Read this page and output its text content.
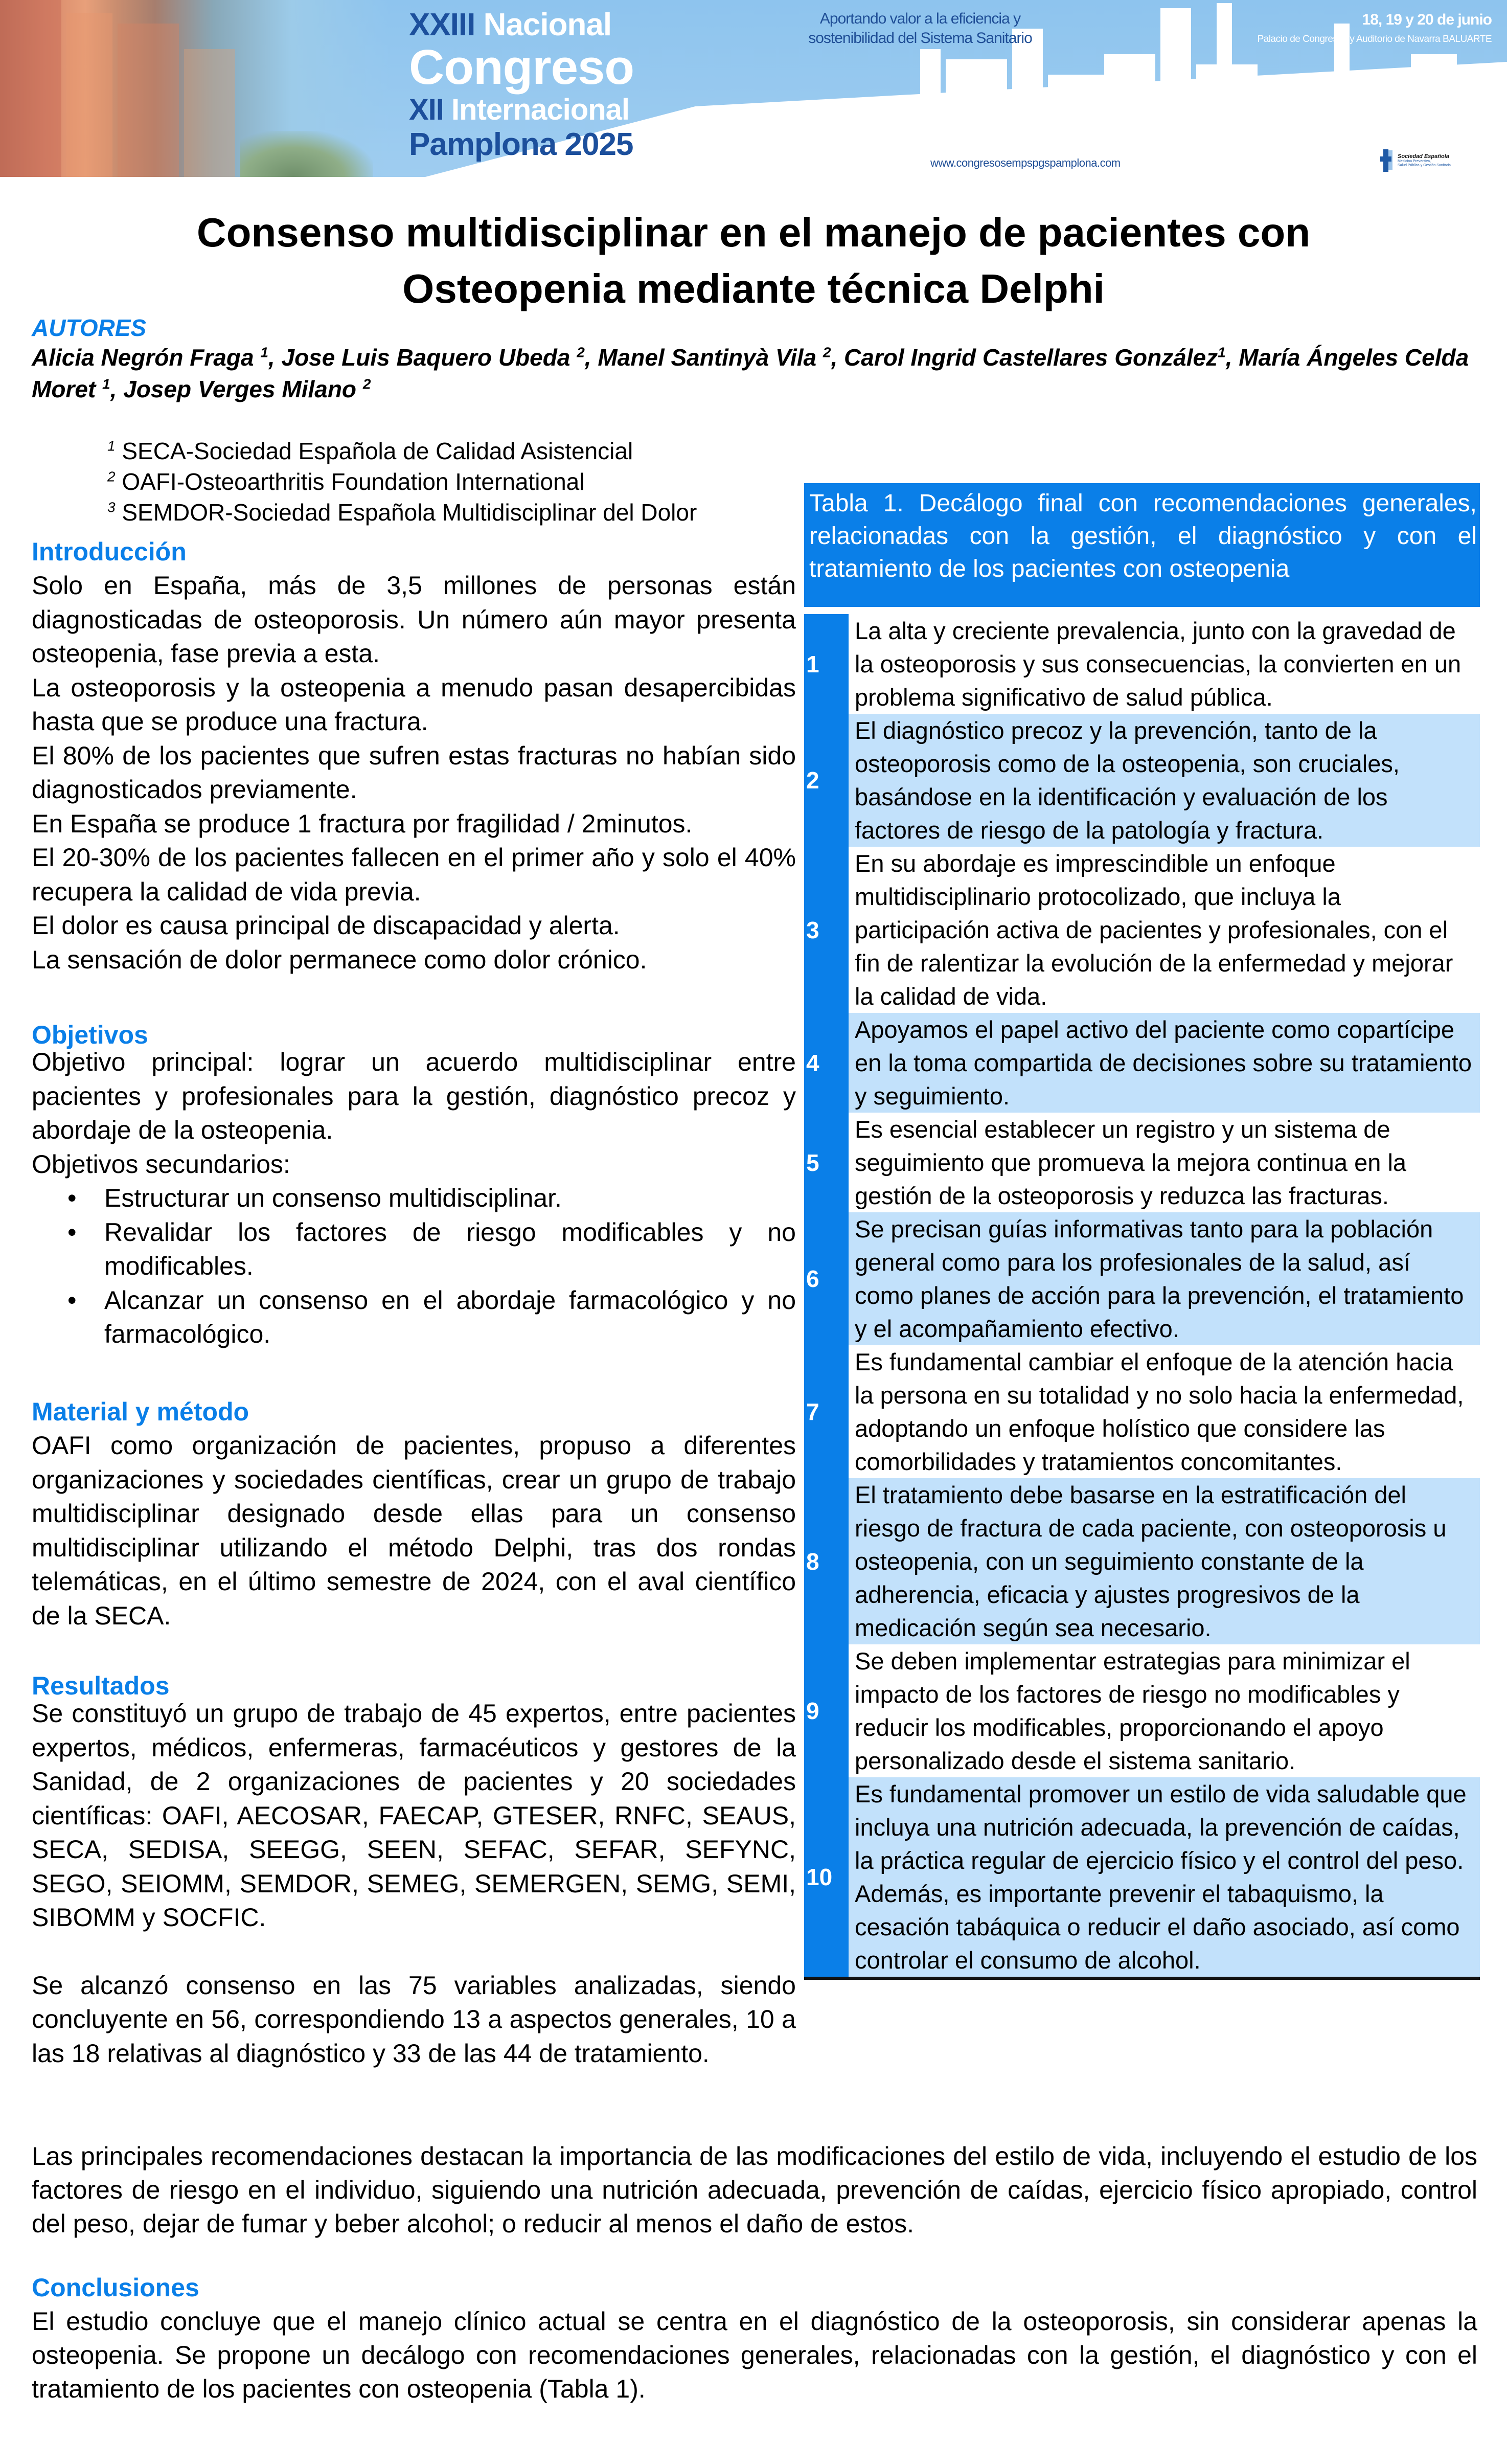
XXIII Nacional
Congreso
XII Internacional
Pamplona 2025
Aportando valor a la eficiencia y
sostenibilidad del Sistema Sanitario
18, 19 y 20 de junio
Palacio de Congresos y Auditorio de Navarra BALUARTE
www.congresosempspgspamplona.com
Sociedad Española
Medicina Preventiva,
Salud Pública y Gestión Sanitaria
Consenso multidisciplinar en el manejo de pacientes con
Osteopenia mediante técnica Delphi
AUTORES
Alicia Negrón Fraga $^1$, Jose Luis Baquero Ubeda $^2$, Manel Santinyà Vila $^2$, Carol Ingrid Castellares González$^1$, María Ángeles Celda Moret $^1$, Josep Verges Milano $^2$
$^1$ SECA-Sociedad Española de Calidad Asistencial
$^2$ OAFI-Osteoarthritis Foundation International
$^3$ SEMDOR-Sociedad Española Multidisciplinar del Dolor
Introducción

Solo en España, más de 3,5 millones de personas están diagnosticadas de osteoporosis. Un número aún mayor presenta osteopenia, fase previa a esta.

La osteoporosis y la osteopenia a menudo pasan desapercibidas hasta que se produce una fractura.

El 80% de los pacientes que sufren estas fracturas no habían sido diagnosticados previamente.

En España se produce 1 fractura por fragilidad / 2minutos.

El 20-30% de los pacientes fallecen en el primer año y solo el 40% recupera la calidad de vida previa.

El dolor es causa principal de discapacidad y alerta.

La sensación de dolor permanece como dolor crónico.

Objetivos

Objetivo principal: lograr un acuerdo multidisciplinar entre pacientes y profesionales para la gestión, diagnóstico precoz y abordaje de la osteopenia.

Objetivos secundarios:

• Estructurar un consenso multidisciplinar.
• Revalidar los factores de riesgo modificables y no modificables.
• Alcanzar un consenso en el abordaje farmacológico y no farmacológico.
Material y método

OAFI como organización de pacientes, propuso a diferentes organizaciones y sociedades científicas, crear un grupo de trabajo multidisciplinar designado desde ellas para un consenso multidisciplinar utilizando el método Delphi, tras dos rondas telemáticas, en el último semestre de 2024, con el aval científico de la SECA.

Resultados

Se constituyó un grupo de trabajo de 45 expertos, entre pacientes expertos, médicos, enfermeras, farmacéuticos y gestores de la Sanidad, de 2 organizaciones de pacientes y 20 sociedades científicas: OAFI, AECOSAR, FAECAP, GTESER, RNFC, SEAUS, SECA, SEDISA, SEEGG, SEEN, SEFAC, SEFAR, SEFYNC, SEGO, SEIOMM, SEMDOR, SEMEG, SEMERGEN, SEMG, SEMI, SIBOMM y SOCFIC.

Se alcanzó consenso en las 75 variables analizadas, siendo concluyente en 56, correspondiendo 13 a aspectos generales, 10 a las 18 relativas al diagnóstico y 33 de las 44 de tratamiento.

Tabla 1. Decálogo final con recomendaciones generales, relacionadas con la gestión, el diagnóstico y con el tratamiento de los pacientes con osteopenia
1
La alta y creciente prevalencia, junto con la gravedad de la osteoporosis y sus consecuencias, la convierten en un problema significativo de salud pública.
2
El diagnóstico precoz y la prevención, tanto de la osteoporosis como de la osteopenia, son cruciales, basándose en la identificación y evaluación de los factores de riesgo de la patología y fractura.
3
En su abordaje es imprescindible un enfoque multidisciplinario protocolizado, que incluya la participación activa de pacientes y profesionales, con el fin de ralentizar la evolución de la enfermedad y mejorar la calidad de vida.
4
Apoyamos el papel activo del paciente como copartícipe en la toma compartida de decisiones sobre su tratamiento y seguimiento.
5
Es esencial establecer un registro y un sistema de seguimiento que promueva la mejora continua en la gestión de la osteoporosis y reduzca las fracturas.
6
Se precisan guías informativas tanto para la población general como para los profesionales de la salud, así como planes de acción para la prevención, el tratamiento y el acompañamiento efectivo.
7
Es fundamental cambiar el enfoque de la atención hacia la persona en su totalidad y no solo hacia la enfermedad, adoptando un enfoque holístico que considere las comorbilidades y tratamientos concomitantes.
8
El tratamiento debe basarse en la estratificación del riesgo de fractura de cada paciente, con osteoporosis u osteopenia, con un seguimiento constante de la adherencia, eficacia y ajustes progresivos de la medicación según sea necesario.
9
Se deben implementar estrategias para minimizar el impacto de los factores de riesgo no modificables y reducir los modificables, proporcionando el apoyo personalizado desde el sistema sanitario.
10
Es fundamental promover un estilo de vida saludable que incluya una nutrición adecuada, la prevención de caídas, la práctica regular de ejercicio físico y el control del peso. Además, es importante prevenir el tabaquismo, la cesación tabáquica o reducir el daño asociado, así como controlar el consumo de alcohol.

Las principales recomendaciones destacan la importancia de las modificaciones del estilo de vida, incluyendo el estudio de los factores de riesgo en el individuo, siguiendo una nutrición adecuada, prevención de caídas, ejercicio físico apropiado, control del peso, dejar de fumar y beber alcohol; o reducir al menos el daño de estos.

Conclusiones

El estudio concluye que el manejo clínico actual se centra en el diagnóstico de la osteoporosis, sin considerar apenas la osteopenia. Se propone un decálogo con recomendaciones generales, relacionadas con la gestión, el diagnóstico y con el tratamiento de los pacientes con osteopenia (Tabla 1).
